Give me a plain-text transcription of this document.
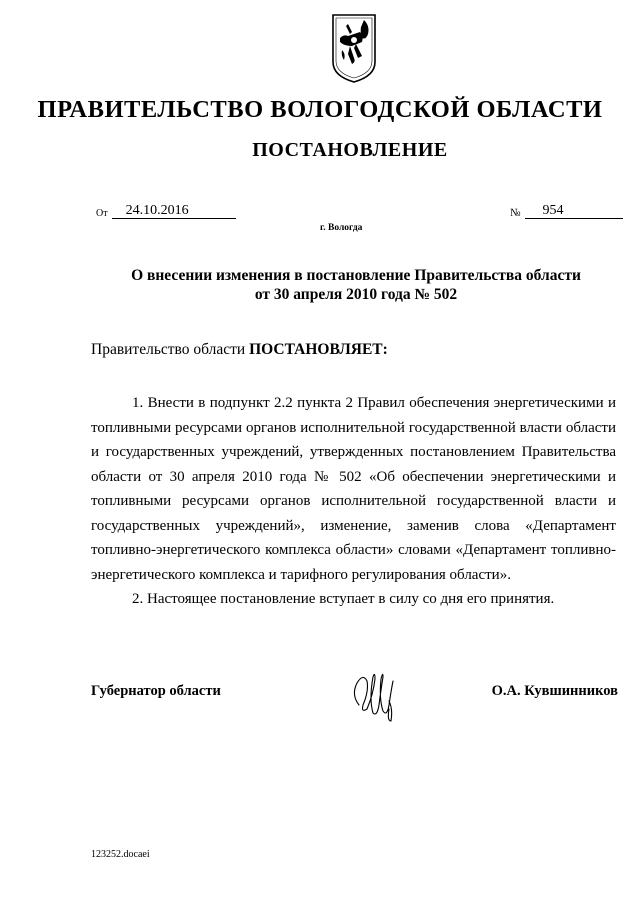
ПРАВИТЕЛЬСТВО ВОЛОГОДСКОЙ ОБЛАСТИ
ПОСТАНОВЛЕНИЕ
От	24.10.2016	№	954
г. Вологда
О внесении изменения в постановление Правительства области
от 30 апреля 2010 года № 502
Правительство области ПОСТАНОВЛЯЕТ:

1. Внести в подпункт 2.2 пункта 2 Правил обеспечения энергетическими и топливными ресурсами органов исполнительной государственной власти области и государственных учреждений, утвержденных постановлением Правительства области от 30 апреля 2010 года № 502 «Об обеспечении энергетическими и топливными ресурсами органов исполнительной государственной власти и государственных учреждений», изменение, заменив слова «Департамент топливно-энергетического комплекса области» словами «Департамент топливно-энергетического комплекса и тарифного регулирования области».

2. Настоящее постановление вступает в силу со дня его принятия.

Губернатор области	О.А. Кувшинников
123252.docaei
